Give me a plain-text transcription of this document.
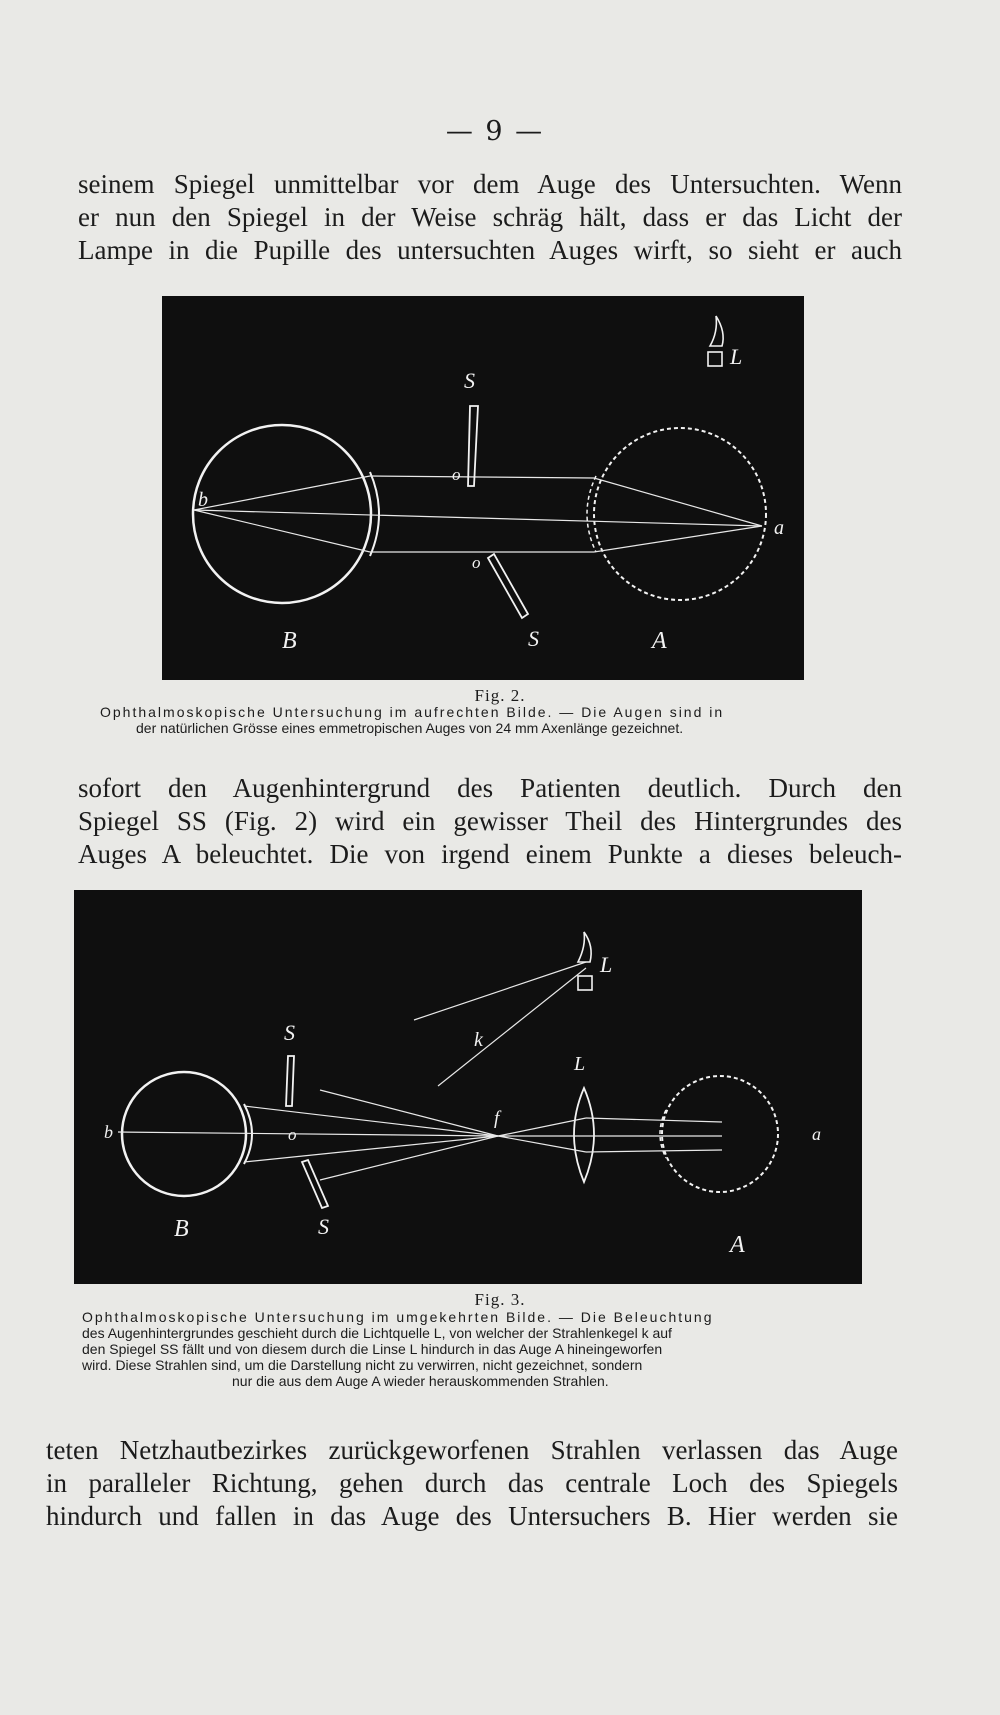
— 9 —
seinem Spiegel unmittelbar vor dem Auge des Untersuchten. Wenn
er nun den Spiegel in der Weise schräg hält, dass er das Licht der
Lampe in die Pupille des untersuchten Auges wirft, so sieht er auch
S
o
L
b
a
o
S
B	A
Fig. 2.
Ophthalmoskopische Untersuchung im aufrechten Bilde. — Die Augen sind in
der natürlichen Grösse eines emmetropischen Auges von 24 mm Axenlänge gezeichnet.
sofort den Augenhintergrund des Patienten deutlich. Durch den
Spiegel SS (Fig. 2) wird ein gewisser Theil des Hintergrundes des
Auges A beleuchtet. Die von irgend einem Punkte a dieses beleuch-
L
S	k
L
b	o
f
a
B	S
A
Fig. 3.
Ophthalmoskopische Untersuchung im umgekehrten Bilde. — Die Beleuchtung
des Augenhintergrundes geschieht durch die Lichtquelle L, von welcher der Strahlenkegel k auf
den Spiegel SS fällt und von diesem durch die Linse L hindurch in das Auge A hineingeworfen
wird. Diese Strahlen sind, um die Darstellung nicht zu verwirren, nicht gezeichnet, sondern
nur die aus dem Auge A wieder herauskommenden Strahlen.
teten Netzhautbezirkes zurückgeworfenen Strahlen verlassen das Auge
in paralleler Richtung, gehen durch das centrale Loch des Spiegels
hindurch und fallen in das Auge des Untersuchers B. Hier werden sie
